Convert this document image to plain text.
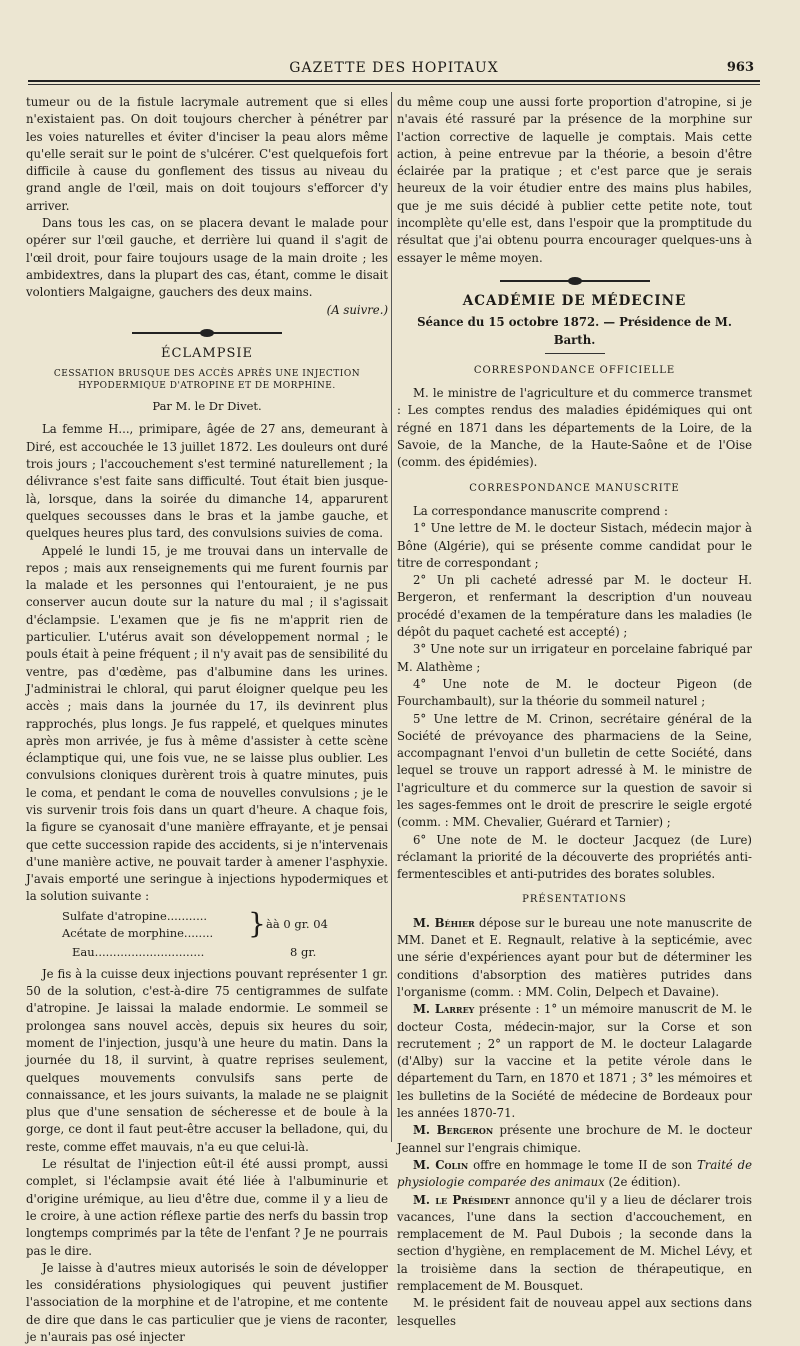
GAZETTE DES HOPITAUX	963

tumeur ou de la fistule lacrymale autrement que si elles n'existaient pas. On doit toujours chercher à pénétrer par les voies naturelles et éviter d'inciser la peau alors même qu'elle serait sur le point de s'ulcérer. C'est quelquefois fort difficile à cause du gonflement des tissus au niveau du grand angle de l'œil, mais on doit toujours s'efforcer d'y arriver.

Dans tous les cas, on se placera devant le malade pour opérer sur l'œil gauche, et derrière lui quand il s'agit de l'œil droit, pour faire toujours usage de la main droite ; les ambidextres, dans la plupart des cas, étant, comme le disait volontiers Malgaigne, gauchers des deux mains.

(A suivre.)

ÉCLAMPSIE
CESSATION BRUSQUE DES ACCÈS APRÈS UNE INJECTION HYPODERMIQUE D'ATROPINE ET DE MORPHINE.
Par M. le Dr Divet.

La femme H..., primipare, âgée de 27 ans, demeurant à Diré, est accouchée le 13 juillet 1872. Les douleurs ont duré trois jours ; l'accouchement s'est terminé naturellement ; la délivrance s'est faite sans difficulté. Tout était bien jusque-là, lorsque, dans la soirée du dimanche 14, apparurent quelques secousses dans le bras et la jambe gauche, et quelques heures plus tard, des convulsions suivies de coma.

Appelé le lundi 15, je me trouvai dans un intervalle de repos ; mais aux renseignements qui me furent fournis par la malade et les personnes qui l'entouraient, je ne pus conserver aucun doute sur la nature du mal ; il s'agissait d'éclampsie. L'examen que je fis ne m'apprit rien de particulier. L'utérus avait son développement normal ; le pouls était à peine fréquent ; il n'y avait pas de sensibilité du ventre, pas d'œdème, pas d'albumine dans les urines. J'administrai le chloral, qui parut éloigner quelque peu les accès ; mais dans la journée du 17, ils devinrent plus rapprochés, plus longs. Je fus rappelé, et quelques minutes après mon arrivée, je fus à même d'assister à cette scène éclamptique qui, une fois vue, ne se laisse plus oublier. Les convulsions cloniques durèrent trois à quatre minutes, puis le coma, et pendant le coma de nouvelles convulsions ; je le vis survenir trois fois dans un quart d'heure. A chaque fois, la figure se cyanosait d'une manière effrayante, et je pensai que cette succession rapide des accidents, si je n'intervenais d'une manière active, ne pouvait tarder à amener l'asphyxie. J'avais emporté une seringue à injections hypodermiques et la solution suivante :

Sulfate d'atropine...........
Acétate de morphine........
Eau..............................
} àà 0 gr. 04
8 gr.

Je fis à la cuisse deux injections pouvant représenter 1 gr. 50 de la solution, c'est-à-dire 75 centigrammes de sulfate d'atropine. Je laissai la malade endormie. Le sommeil se prolongea sans nouvel accès, depuis six heures du soir, moment de l'injection, jusqu'à une heure du matin. Dans la journée du 18, il survint, à quatre reprises seulement, quelques mouvements convulsifs sans perte de connaissance, et les jours suivants, la malade ne se plaignit plus que d'une sensation de sécheresse et de boule à la gorge, ce dont il faut peut-être accuser la belladone, qui, du reste, comme effet mauvais, n'a eu que celui-là.

Le résultat de l'injection eût-il été aussi prompt, aussi complet, si l'éclampsie avait été liée à l'albuminurie et d'origine urémique, au lieu d'être due, comme il y a lieu de le croire, à une action réflexe partie des nerfs du bassin trop longtemps comprimés par la tête de l'enfant ? Je ne pourrais pas le dire.

Je laisse à d'autres mieux autorisés le soin de développer les considérations physiologiques qui peuvent justifier l'association de la morphine et de l'atropine, et me contente de dire que dans le cas particulier que je viens de raconter, je n'aurais pas osé injecter

du même coup une aussi forte proportion d'atropine, si je n'avais été rassuré par la présence de la morphine sur l'action corrective de laquelle je comptais. Mais cette action, à peine entrevue par la théorie, a besoin d'être éclairée par la pratique ; et c'est parce que je serais heureux de la voir étudier entre des mains plus habiles, que je me suis décidé à publier cette petite note, tout incomplète qu'elle est, dans l'espoir que la promptitude du résultat que j'ai obtenu pourra encourager quelques-uns à essayer le même moyen.

ACADÉMIE DE MÉDECINE
Séance du 15 octobre 1872. — Présidence de M. Barth.
CORRESPONDANCE OFFICIELLE

M. le ministre de l'agriculture et du commerce transmet : Les comptes rendus des maladies épidémiques qui ont régné en 1871 dans les départements de la Loire, de la Savoie, de la Manche, de la Haute-Saône et de l'Oise (comm. des épidémies).

CORRESPONDANCE MANUSCRITE

La correspondance manuscrite comprend :

1° Une lettre de M. le docteur Sistach, médecin major à Bône (Algérie), qui se présente comme candidat pour le titre de correspondant ;

2° Un pli cacheté adressé par M. le docteur H. Bergeron, et renfermant la description d'un nouveau procédé d'examen de la température dans les maladies (le dépôt du paquet cacheté est accepté) ;

3° Une note sur un irrigateur en porcelaine fabriqué par M. Alathème ;

4° Une note de M. le docteur Pigeon (de Fourchambault), sur la théorie du sommeil naturel ;

5° Une lettre de M. Crinon, secrétaire général de la Société de prévoyance des pharmaciens de la Seine, accompagnant l'envoi d'un bulletin de cette Société, dans lequel se trouve un rapport adressé à M. le ministre de l'agriculture et du commerce sur la question de savoir si les sages-femmes ont le droit de prescrire le seigle ergoté (comm. : MM. Chevalier, Guérard et Tarnier) ;

6° Une note de M. le docteur Jacquez (de Lure) réclamant la priorité de la découverte des propriétés anti-fermentescibles et anti-putrides des borates solubles.

PRÉSENTATIONS

M. Béhier dépose sur le bureau une note manuscrite de MM. Danet et E. Regnault, relative à la septicémie, avec une série d'expériences ayant pour but de déterminer les conditions d'absorption des matières putrides dans l'organisme (comm. : MM. Colin, Delpech et Davaine).

M. Larrey présente : 1° un mémoire manuscrit de M. le docteur Costa, médecin-major, sur la Corse et son recrutement ; 2° un rapport de M. le docteur Lalagarde (d'Alby) sur la vaccine et la petite vérole dans le département du Tarn, en 1870 et 1871 ; 3° les mémoires et les bulletins de la Société de médecine de Bordeaux pour les années 1870-71.

M. Bergeron présente une brochure de M. le docteur Jeannel sur l'engrais chimique.

M. Colin offre en hommage le tome II de son Traité de physiologie comparée des animaux (2e édition).

M. le Président annonce qu'il y a lieu de déclarer trois vacances, l'une dans la section d'accouchement, en remplacement de M. Paul Dubois ; la seconde dans la section d'hygiène, en remplacement de M. Michel Lévy, et la troisième dans la section de thérapeutique, en remplacement de M. Bousquet.

M. le président fait de nouveau appel aux sections dans lesquelles
